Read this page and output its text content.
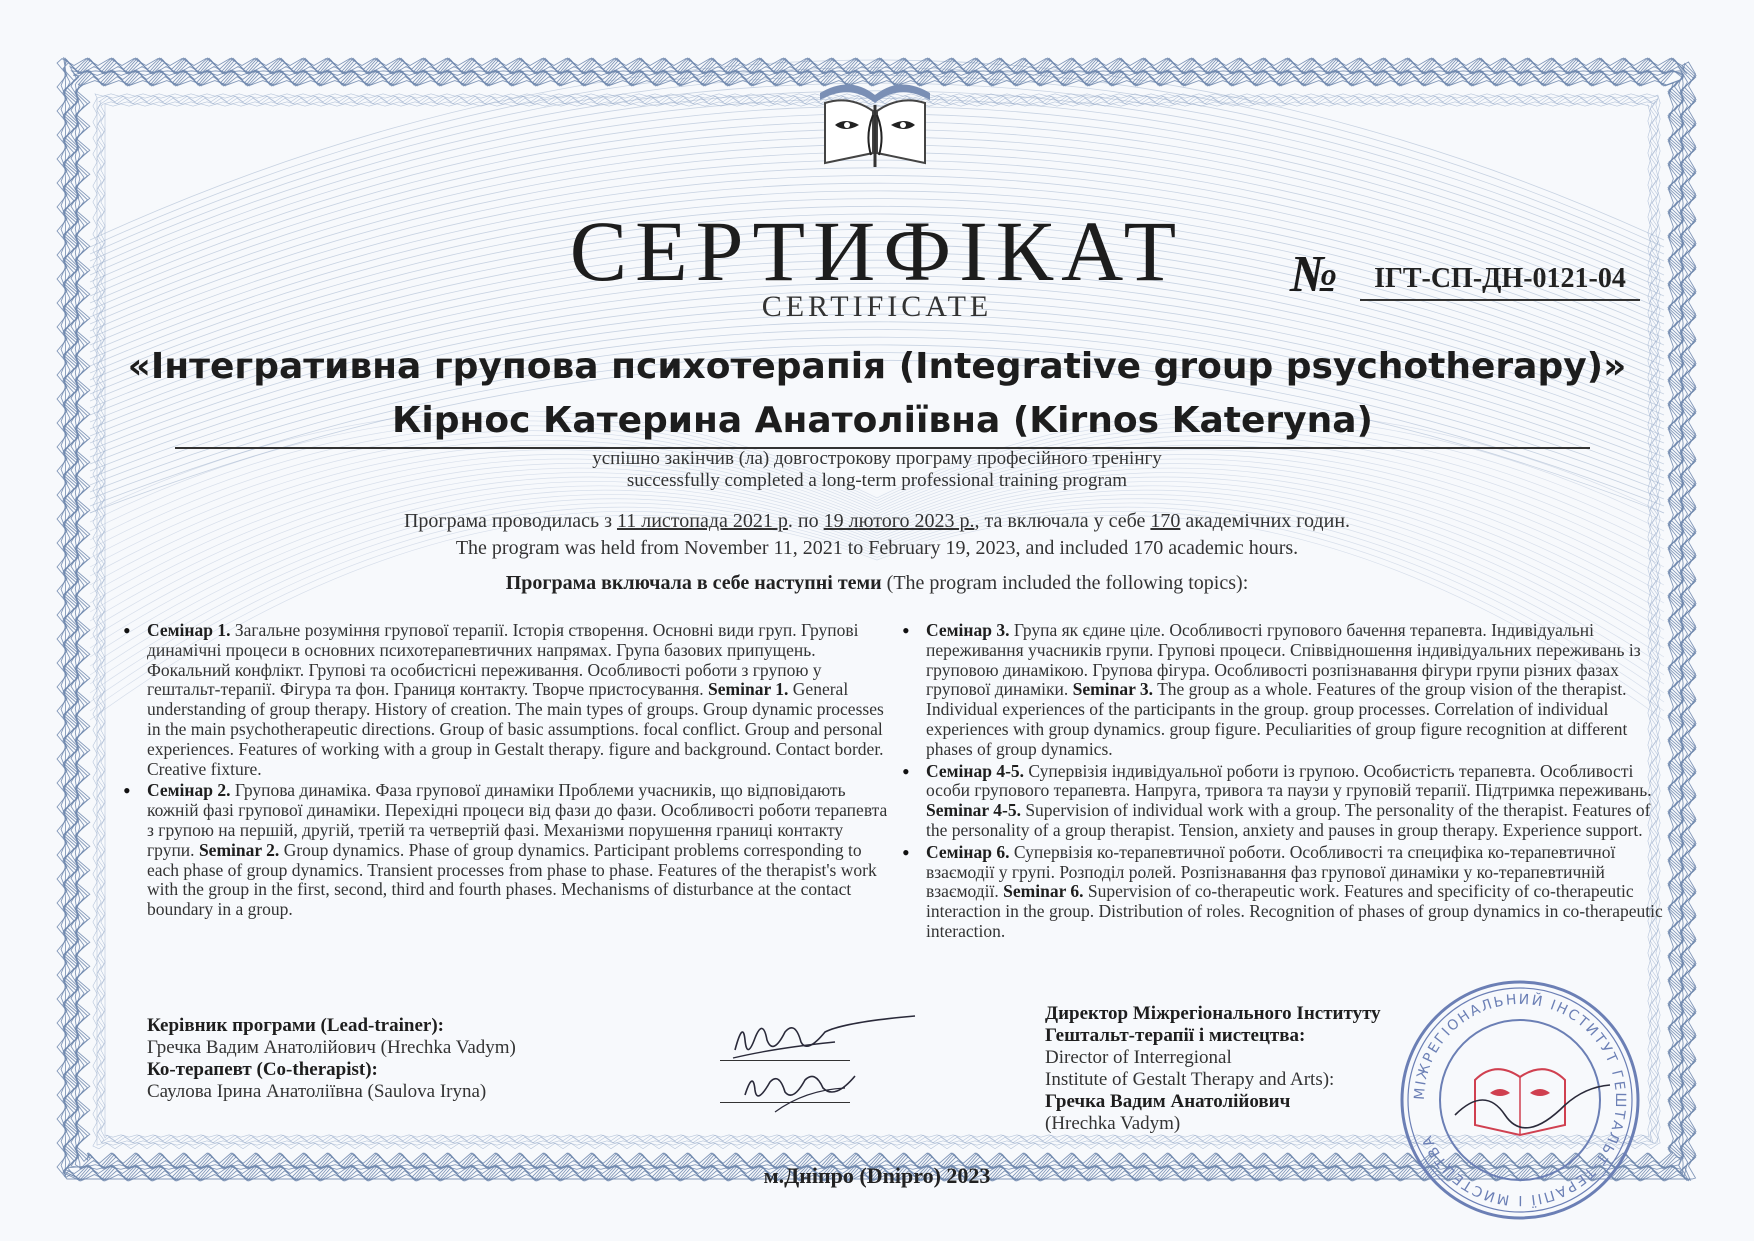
СЕРТИФІКАТ
CERTIFICATE
№	ІГТ-СП-ДН-0121-04
«Інтегративна групова психотерапія (Integrative group psychotherapy)»
Кірнос Катерина Анатоліївна (Kirnos Kateryna)
успішно закінчив (ла) довгострокову програму професійного тренінгу
successfully completed a long-term professional training program
Програма проводилась з 11 листопада 2021 р. по 19 лютого 2023 р., та включала у себе 170 академічних годин.
The program was held from November 11, 2021 to February 19, 2023, and included 170 academic hours.
Програма включала в себе наступні теми (The program included the following topics):
• Семінар 1. Загальне розуміння групової терапії. Історія створення. Основні види груп. Групові динамічні процеси в основних психотерапевтичних напрямах. Група базових припущень. Фокальний конфлікт. Групові та особистісні переживання. Особливості роботи з групою у гештальт-терапії. Фігура та фон. Границя контакту. Творче пристосування. Seminar 1. General understanding of group therapy. History of creation. The main types of groups. Group dynamic processes in the main psychotherapeutic directions. Group of basic assumptions. focal conflict. Group and personal experiences. Features of working with a group in Gestalt therapy. figure and background. Contact border. Creative fixture.
• Семінар 2. Групова динаміка. Фаза групової динаміки Проблеми учасників, що відповідають кожній фазі групової динаміки. Перехідні процеси від фази до фази. Особливості роботи терапевта з групою на першій, другій, третій та четвертій фазі. Механізми порушення границі контакту групи. Seminar 2. Group dynamics. Phase of group dynamics. Participant problems corresponding to each phase of group dynamics. Transient processes from phase to phase. Features of the therapist's work with the group in the first, second, third and fourth phases. Mechanisms of disturbance at the contact boundary in a group.
• Семінар 3. Група як єдине ціле. Особливості групового бачення терапевта. Індивідуальні переживання учасників групи. Групові процеси. Співвідношення індивідуальних переживань із груповою динамікою. Групова фігура. Особливості розпізнавання фігури групи різних фазах групової динаміки. Seminar 3. The group as a whole. Features of the group vision of the therapist. Individual experiences of the participants in the group. group processes. Correlation of individual experiences with group dynamics. group figure. Peculiarities of group figure recognition at different phases of group dynamics.
• Семінар 4-5. Супервізія індивідуальної роботи із групою. Особистість терапевта. Особливості особи групового терапевта. Напруга, тривога та паузи у груповій терапії. Підтримка переживань. Seminar 4-5. Supervision of individual work with a group. The personality of the therapist. Features of the personality of a group therapist. Tension, anxiety and pauses in group therapy. Experience support.
• Семінар 6. Супервізія ко-терапевтичної роботи. Особливості та специфіка ко-терапевтичної взаємодії у групі. Розподіл ролей. Розпізнавання фаз групової динаміки у ко-терапевтичній взаємодії. Seminar 6. Supervision of co-therapeutic work. Features and specificity of co-therapeutic interaction in the group. Distribution of roles. Recognition of phases of group dynamics in co-therapeutic interaction.
Керівник програми (Lead-trainer):
Гречка Вадим Анатолійович (Hrechka Vadym)
Ко-терапевт (Co-therapist):
Саулова Ірина Анатоліївна (Saulova Iryna)
Директор Міжрегіонального Інституту
Гештальт-терапії і мистецтва:
Director of Interregional
Institute of Gestalt Therapy and Arts):
Гречка Вадим Анатолійович
(Hrechka Vadym)
МІЖРЕГІОНАЛЬНИЙ ІНСТИТУТ ГЕШТАЛЬТ-ТЕРАПІЇ І МИСТЕЦТВА
м.Дніпро (Dnipro) 2023
